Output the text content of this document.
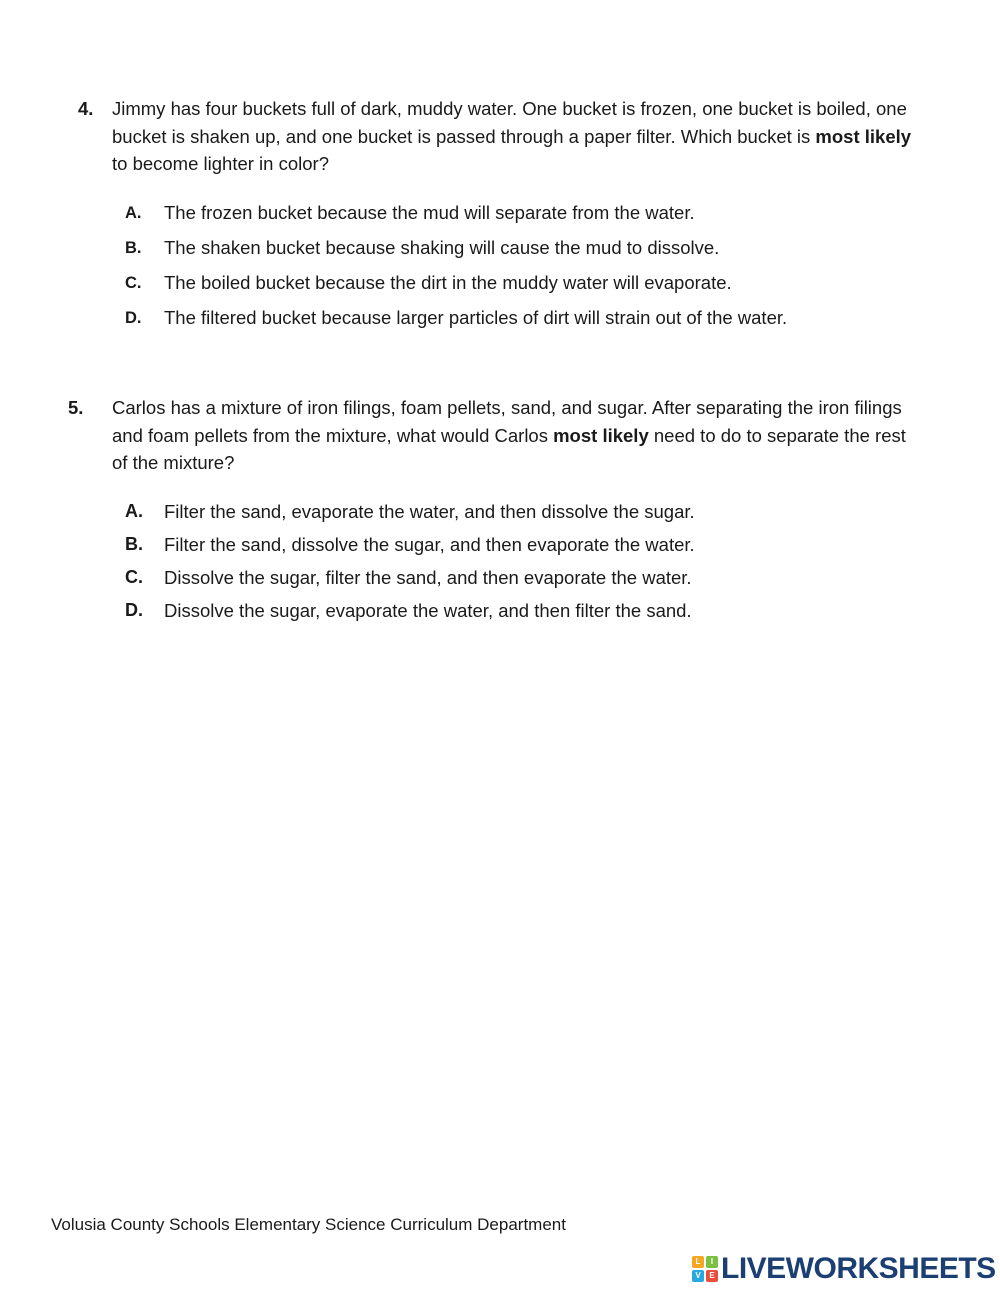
4. Jimmy has four buckets full of dark, muddy water. One bucket is frozen, one bucket is boiled, one bucket is shaken up, and one bucket is passed through a paper filter. Which bucket is most likely to become lighter in color?
A. The frozen bucket because the mud will separate from the water.
B. The shaken bucket because shaking will cause the mud to dissolve.
C. The boiled bucket because the dirt in the muddy water will evaporate.
D. The filtered bucket because larger particles of dirt will strain out of the water.
5. Carlos has a mixture of iron filings, foam pellets, sand, and sugar. After separating the iron filings and foam pellets from the mixture, what would Carlos most likely need to do to separate the rest of the mixture?
A. Filter the sand, evaporate the water, and then dissolve the sugar.
B. Filter the sand, dissolve the sugar, and then evaporate the water.
C. Dissolve the sugar, filter the sand, and then evaporate the water.
D. Dissolve the sugar, evaporate the water, and then filter the sand.
Volusia County Schools Elementary Science Curriculum Department
L	I
V	E LIVEWORKSHEETS
